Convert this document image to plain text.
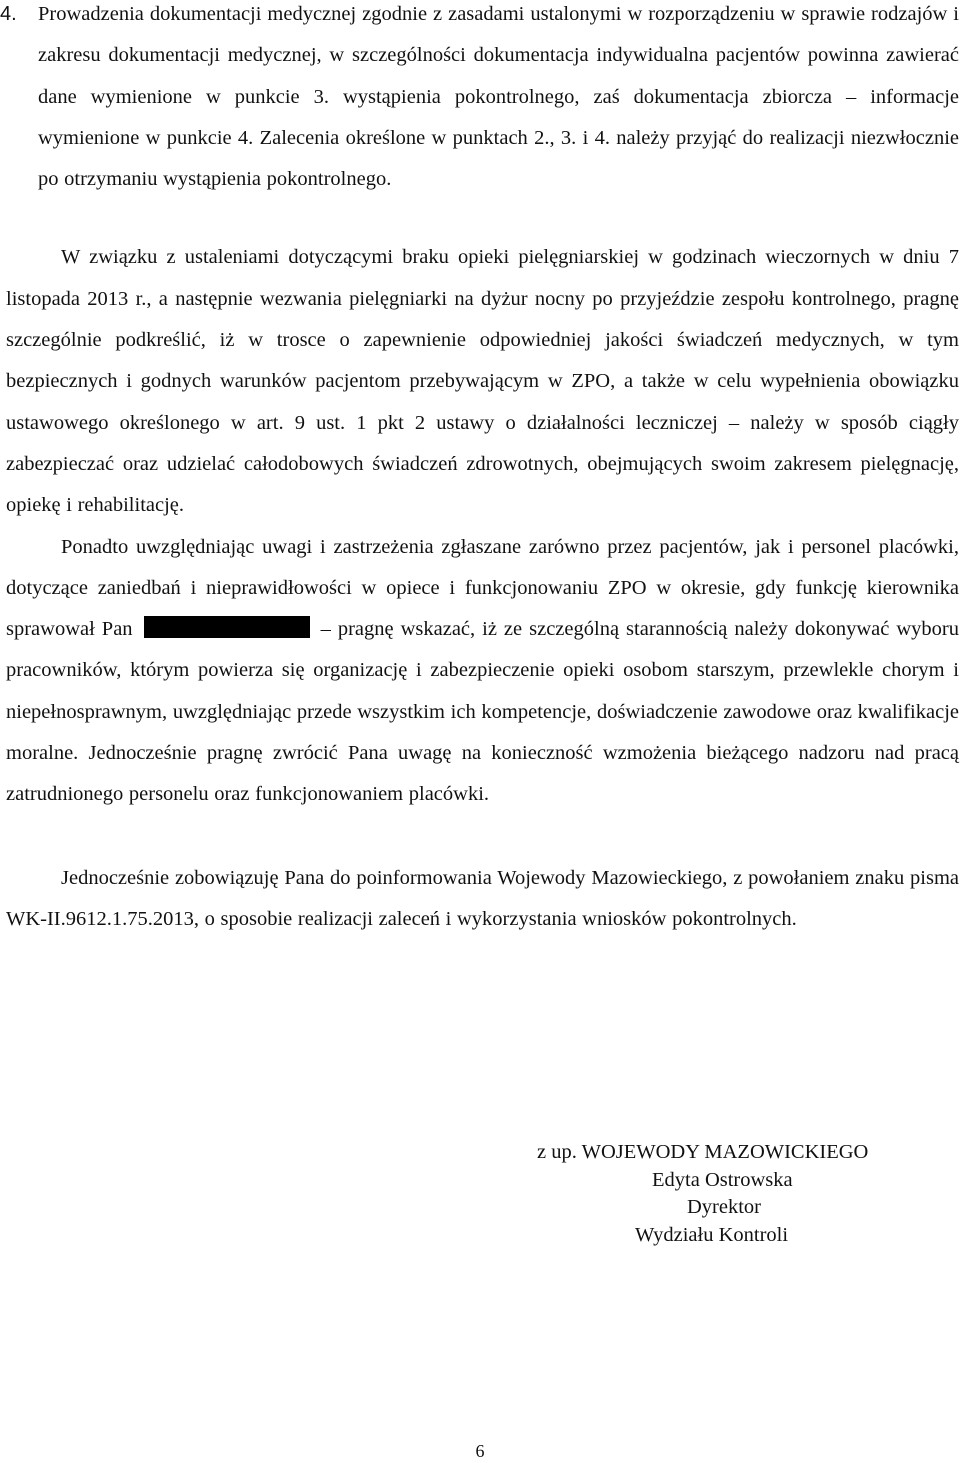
4. Prowadzenia dokumentacji medycznej zgodnie z zasadami ustalonymi w rozporządzeniu w sprawie rodzajów i zakresu dokumentacji medycznej, w szczególności dokumentacja indywidualna pacjentów powinna zawierać dane wymienione w punkcie 3. wystąpienia pokontrolnego, zaś dokumentacja zbiorcza – informacje wymienione w punkcie 4. Zalecenia określone w punktach 2., 3. i 4. należy przyjąć do realizacji niezwłocznie po otrzymaniu wystąpienia pokontrolnego.

W związku z ustaleniami dotyczącymi braku opieki pielęgniarskiej w godzinach wieczornych w dniu 7 listopada 2013 r., a następnie wezwania pielęgniarki na dyżur nocny po przyjeździe zespołu kontrolnego, pragnę szczególnie podkreślić, iż w trosce o zapewnienie odpowiedniej jakości świadczeń medycznych, w tym bezpiecznych i godnych warunków pacjentom przebywającym w ZPO, a także w celu wypełnienia obowiązku ustawowego określonego w art. 9 ust. 1 pkt 2 ustawy o działalności leczniczej – należy w sposób ciągły zabezpieczać oraz udzielać całodobowych świadczeń zdrowotnych, obejmujących swoim zakresem pielęgnację, opiekę i rehabilitację.

Ponadto uwzględniając uwagi i zastrzeżenia zgłaszane zarówno przez pacjentów, jak i personel placówki, dotyczące zaniedbań i nieprawidłowości w opiece i funkcjonowaniu ZPO w okresie, gdy funkcję kierownika sprawował Pan	– pragnę wskazać, iż ze szczególną starannością należy dokonywać wyboru pracowników, którym powierza się organizację i zabezpieczenie opieki osobom starszym, przewlekle chorym i niepełnosprawnym, uwzględniając przede wszystkim ich kompetencje, doświadczenie zawodowe oraz kwalifikacje moralne. Jednocześnie pragnę zwrócić Pana uwagę na konieczność wzmożenia bieżącego nadzoru nad pracą zatrudnionego personelu oraz funkcjonowaniem placówki.

Jednocześnie zobowiązuję Pana do poinformowania Wojewody Mazowieckiego, z powołaniem znaku pisma WK-II.9612.1.75.2013, o sposobie realizacji zaleceń i wykorzystania wniosków pokontrolnych.

z up. WOJEWODY MAZOWICKIEGO
Edyta Ostrowska
Dyrektor
Wydziału Kontroli
6
